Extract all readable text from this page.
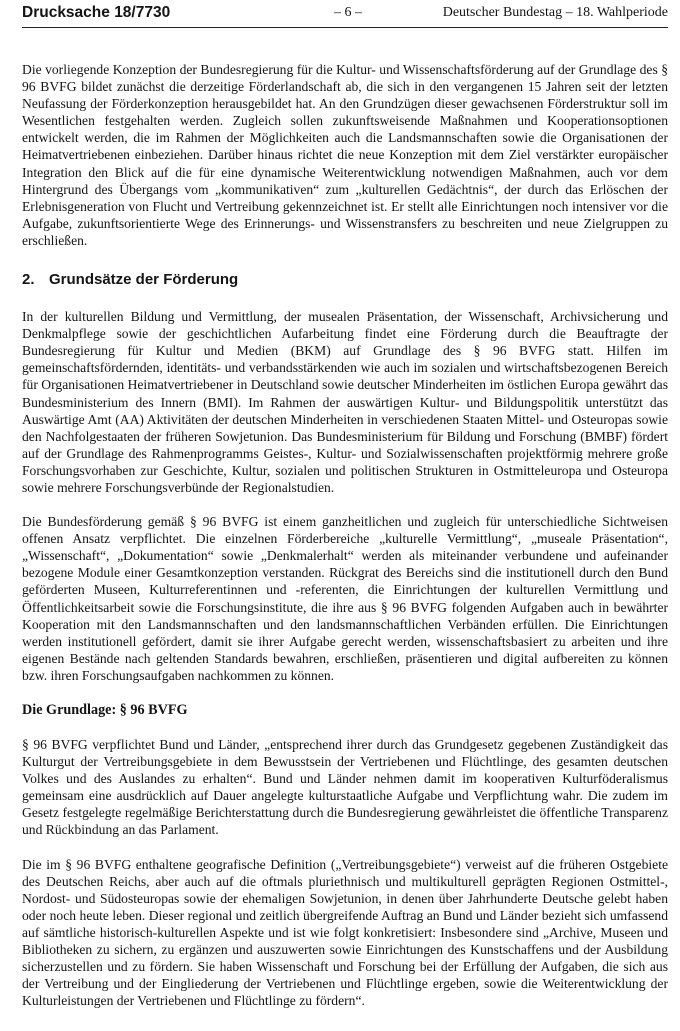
Drucksache 18/7730	– 6 –	Deutscher Bundestag – 18. Wahlperiode

Die vorliegende Konzeption der Bundesregierung für die Kultur- und Wissenschaftsförderung auf der Grundlage des § 96 BVFG bildet zunächst die derzeitige Förderlandschaft ab, die sich in den vergangenen 15 Jahren seit der letzten Neufassung der Förderkonzeption herausgebildet hat. An den Grundzügen dieser gewachsenen Förderstruktur soll im Wesentlichen festgehalten werden. Zugleich sollen zukunftsweisende Maßnahmen und Kooperationsoptionen entwickelt werden, die im Rahmen der Möglichkeiten auch die Landsmannschaften sowie die Organisationen der Heimatvertriebenen einbeziehen. Darüber hinaus richtet die neue Konzeption mit dem Ziel verstärkter europäischer Integration den Blick auf die für eine dynamische Weiterentwicklung notwendigen Maßnahmen, auch vor dem Hintergrund des Übergangs vom „kommunikativen“ zum „kulturellen Gedächtnis“, der durch das Erlöschen der Erlebnisgeneration von Flucht und Vertreibung gekennzeichnet ist. Er stellt alle Einrichtungen noch intensiver vor die Aufgabe, zukunftsorientierte Wege des Erinnerungs- und Wissenstransfers zu beschreiten und neue Zielgruppen zu erschließen.

2. Grundsätze der Förderung

In der kulturellen Bildung und Vermittlung, der musealen Präsentation, der Wissenschaft, Archivsicherung und Denkmalpflege sowie der geschichtlichen Aufarbeitung findet eine Förderung durch die Beauftragte der Bundesregierung für Kultur und Medien (BKM) auf Grundlage des § 96 BVFG statt. Hilfen im gemeinschaftsfördernden, identitäts- und verbandsstärkenden wie auch im sozialen und wirtschaftsbezogenen Bereich für Organisationen Heimatvertriebener in Deutschland sowie deutscher Minderheiten im östlichen Europa gewährt das Bundesministerium des Innern (BMI). Im Rahmen der auswärtigen Kultur- und Bildungspolitik unterstützt das Auswärtige Amt (AA) Aktivitäten der deutschen Minderheiten in verschiedenen Staaten Mittel- und Osteuropas sowie den Nachfolgestaaten der früheren Sowjetunion. Das Bundesministerium für Bildung und Forschung (BMBF) fördert auf der Grundlage des Rahmenprogramms Geistes-, Kultur- und Sozialwissenschaften projektförmig mehrere große Forschungsvorhaben zur Geschichte, Kultur, sozialen und politischen Strukturen in Ostmitteleuropa und Osteuropa sowie mehrere Forschungsverbünde der Regionalstudien.

Die Bundesförderung gemäß § 96 BVFG ist einem ganzheitlichen und zugleich für unterschiedliche Sichtweisen offenen Ansatz verpflichtet. Die einzelnen Förderbereiche „kulturelle Vermittlung“, „museale Präsentation“, „Wissenschaft“, „Dokumentation“ sowie „Denkmalerhalt“ werden als miteinander verbundene und aufeinander bezogene Module einer Gesamtkonzeption verstanden. Rückgrat des Bereichs sind die institutionell durch den Bund geförderten Museen, Kulturreferentinnen und -referenten, die Einrichtungen der kulturellen Vermittlung und Öffentlichkeitsarbeit sowie die Forschungsinstitute, die ihre aus § 96 BVFG folgenden Aufgaben auch in bewährter Kooperation mit den Landsmannschaften und den landsmannschaftlichen Verbänden erfüllen. Die Einrichtungen werden institutionell gefördert, damit sie ihrer Aufgabe gerecht werden, wissenschaftsbasiert zu arbeiten und ihre eigenen Bestände nach geltenden Standards bewahren, erschließen, präsentieren und digital aufbereiten zu können bzw. ihren Forschungsaufgaben nachkommen zu können.

Die Grundlage: § 96 BVFG

§ 96 BVFG verpflichtet Bund und Länder, „entsprechend ihrer durch das Grundgesetz gegebenen Zuständigkeit das Kulturgut der Vertreibungsgebiete in dem Bewusstsein der Vertriebenen und Flüchtlinge, des gesamten deutschen Volkes und des Auslandes zu erhalten“. Bund und Länder nehmen damit im kooperativen Kulturföderalismus gemeinsam eine ausdrücklich auf Dauer angelegte kulturstaatliche Aufgabe und Verpflichtung wahr. Die zudem im Gesetz festgelegte regelmäßige Berichterstattung durch die Bundesregierung gewährleistet die öffentliche Transparenz und Rückbindung an das Parlament.

Die im § 96 BVFG enthaltene geografische Definition („Vertreibungsgebiete“) verweist auf die früheren Ostgebiete des Deutschen Reichs, aber auch auf die oftmals pluriethnisch und multikulturell geprägten Regionen Ostmittel-, Nordost- und Südosteuropas sowie der ehemaligen Sowjetunion, in denen über Jahrhunderte Deutsche gelebt haben oder noch heute leben. Dieser regional und zeitlich übergreifende Auftrag an Bund und Länder bezieht sich umfassend auf sämtliche historisch-kulturellen Aspekte und ist wie folgt konkretisiert: Insbesondere sind „Archive, Museen und Bibliotheken zu sichern, zu ergänzen und auszuwerten sowie Einrichtungen des Kunstschaffens und der Ausbildung sicherzustellen und zu fördern. Sie haben Wissenschaft und Forschung bei der Erfüllung der Aufgaben, die sich aus der Vertreibung und der Eingliederung der Vertriebenen und Flüchtlinge ergeben, sowie die Weiterentwicklung der Kulturleistungen der Vertriebenen und Flüchtlinge zu fördern“.
